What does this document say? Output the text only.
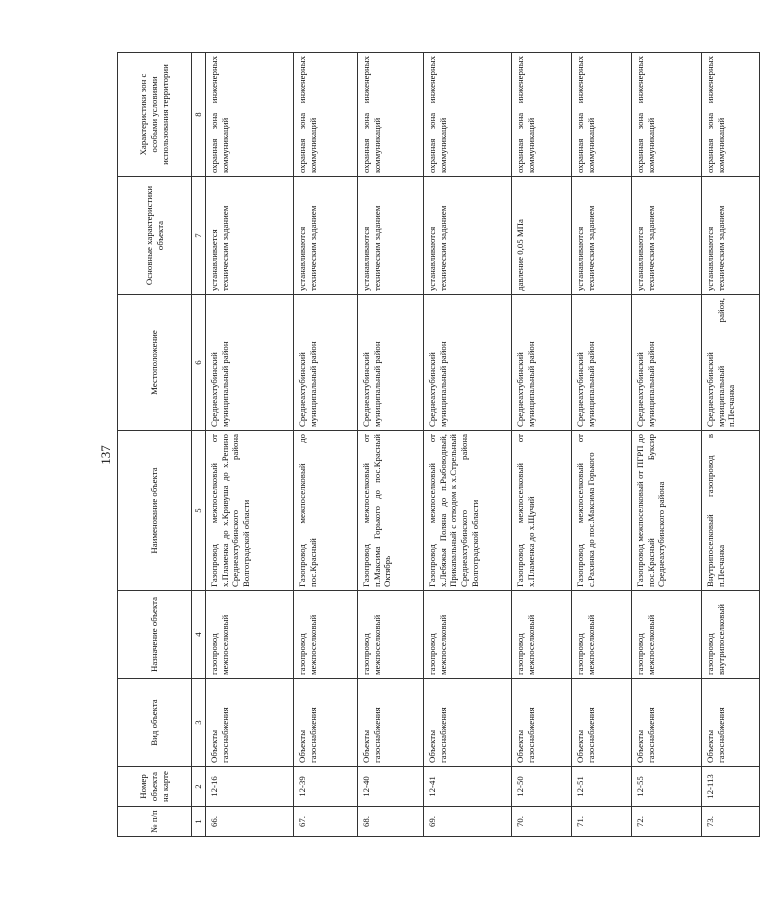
137
№ п/п	Номер объекта на карте	Вид объекта	Назначение объекта	Наименование объекта	Местоположение	Основные характеристики объекта	Характеристики зон с особыми условиями использования территории
1	2	3	4	5	6	7	8
66.	12-16	Объекты газоснабжения	газопровод межпоселковый	Газопровод межпоселковый от х.Пламенка до х.Кривуша до х.Репино Среднеахтубинского района Волгоградской области	Среднеахтубинский муниципальный район	устанавливается техническим заданием	охранная зона инженерных коммуникаций
67.	12-39	Объекты газоснабжения	газопровод межпоселковый	Газопровод межпоселковый до пос.Красный	Среднеахтубинский муниципальный район	устанавливаются техническим заданием	охранная зона инженерных коммуникаций
68.	12-40	Объекты газоснабжения	газопровод межпоселковый	Газопровод межпоселковый от п.Максима Горького до пос.Красный Октябрь	Среднеахтубинский муниципальный район	устанавливаются техническим заданием	охранная зона инженерных коммуникаций
69.	12-41	Объекты газоснабжения	газопровод межпоселковый	Газопровод межпоселковый от х.Лебяжья Поляна до п.Рыбоводный, Прикanальный с отводом к х.Стрельный Среднеахтубинского района Волгоградской области	Среднеахтубинский муниципальный район	устанавливаются техническим заданием	охранная зона инженерных коммуникаций
70.	12-50	Объекты газоснабжения	газопровод межпоселковый	Газопровод межпоселковый от х.Пламенка до х.Щучий	Среднеахтубинский муниципальный район	давление 0,05 МПа	охранная зона инженерных коммуникаций
71.	12-51	Объекты газоснабжения	газопровод межпоселковый	Газопровод межпоселковый от с.Рахинка до пос.Максима Горького	Среднеахтубинский муниципальный район	устанавливаются техническим заданием	охранная зона инженерных коммуникаций
72.	12-55	Объекты газоснабжения	газопровод межпоселковый	Газопровод межпоселковый от ПГРП до пос.Красный Буксир Среднеахтубинского района	Среднеахтубинский муниципальный район	устанавливаются техническим заданием	охранная зона инженерных коммуникаций
73.	12-113	Объекты газоснабжения	газопровод внутрипоселковый	Внутрипоселковый газопровод в п.Песчанка	Среднеахтубинский муниципальный район, п.Песчанка	устанавливаются техническим заданием	охранная зона инженерных коммуникаций
